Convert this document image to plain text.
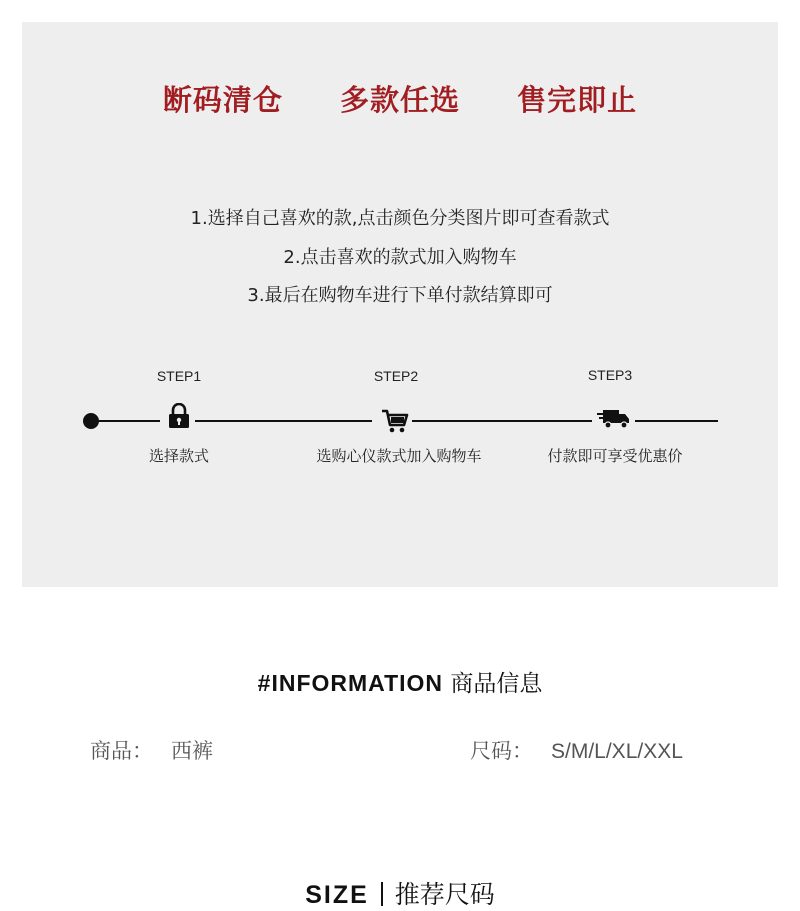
断码清仓 多款任选 售完即止
1.选择自己喜欢的款,点击颜色分类图片即可查看款式
2.点击喜欢的款式加入购物车
3.最后在购物车进行下单付款结算即可
STEP1	STEP2	STEP3
选择款式	选购心仪款式加入购物车	付款即可享受优惠价
#INFORMATION 商品信息
商品： 西裤	尺码： S/M/L/XL/XXL
SIZE 推荐尺码
